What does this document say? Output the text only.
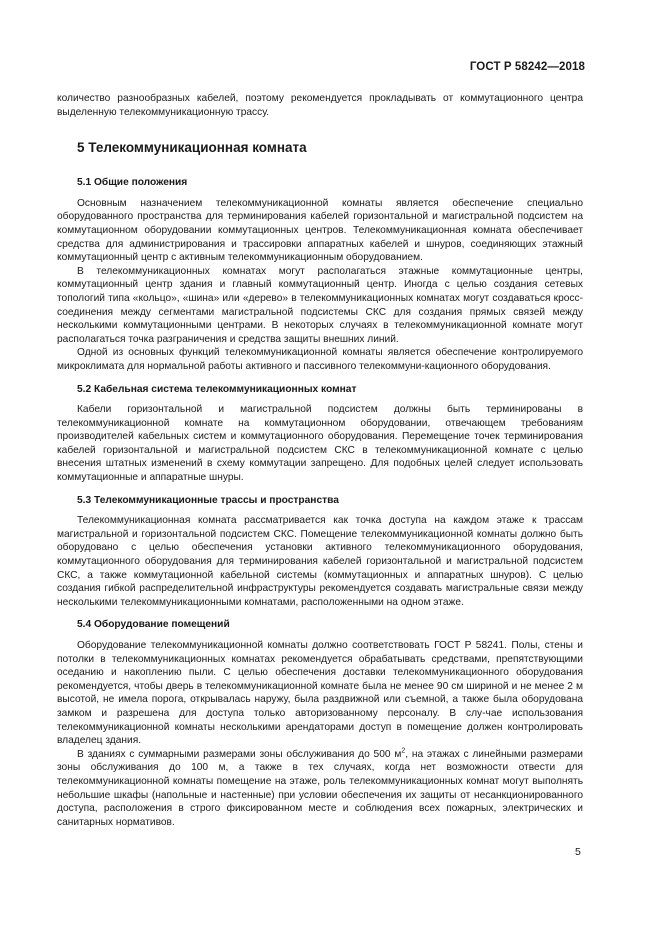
ГОСТ Р 58242—2018

количество разнообразных кабелей, поэтому рекомендуется прокладывать от коммутационного центра выделенную телекоммуникационную трассу.

5 Телекоммуникационная комната
5.1 Общие положения

Основным назначением телекоммуникационной комнаты является обеспечение специально оборудованного пространства для терминирования кабелей горизонтальной и магистральной подсистем на коммутационном оборудовании коммутационных центров. Телекоммуникационная комната обеспечивает средства для администрирования и трассировки аппаратных кабелей и шнуров, соединяющих этажный коммутационный центр с активным телекоммуникационным оборудованием.

В телекоммуникационных комнатах могут располагаться этажные коммутационные центры, коммутационный центр здания и главный коммутационный центр. Иногда с целью создания сетевых топологий типа «кольцо», «шина» или «дерево» в телекоммуникационных комнатах могут создаваться кросс-соединения между сегментами магистральной подсистемы СКС для создания прямых связей между несколькими коммутационными центрами. В некоторых случаях в телекоммуникационной комнате могут располагаться точка разграничения и средства защиты внешних линий.

Одной из основных функций телекоммуникационной комнаты является обеспечение контролируемого микроклимата для нормальной работы активного и пассивного телекоммуни-кационного оборудования.

5.2 Кабельная система телекоммуникационных комнат

Кабели горизонтальной и магистральной подсистем должны быть терминированы в телекоммуникационной комнате на коммутационном оборудовании, отвечающем требованиям производителей кабельных систем и коммутационного оборудования. Перемещение точек терминирования кабелей горизонтальной и магистральной подсистем СКС в телекоммуникационной комнате с целью внесения штатных изменений в схему коммутации запрещено. Для подобных целей следует использовать коммутационные и аппаратные шнуры.

5.3 Телекоммуникационные трассы и пространства

Телекоммуникационная комната рассматривается как точка доступа на каждом этаже к трассам магистральной и горизонтальной подсистем СКС. Помещение телекоммуникационной комнаты должно быть оборудовано с целью обеспечения установки активного телекоммуникационного оборудования, коммутационного оборудования для терминирования кабелей горизонтальной и магистральной подсистем СКС, а также коммутационной кабельной системы (коммутационных и аппаратных шнуров). С целью создания гибкой распределительной инфраструктуры рекомендуется создавать магистральные связи между несколькими телекоммуникационными комнатами, расположенными на одном этаже.

5.4 Оборудование помещений

Оборудование телекоммуникационной комнаты должно соответствовать ГОСТ Р 58241. Полы, стены и потолки в телекоммуникационных комнатах рекомендуется обрабатывать средствами, препятствующими оседанию и накоплению пыли. С целью обеспечения доставки телекоммуникационного оборудования рекомендуется, чтобы дверь в телекоммуникационной комнате была не менее 90 см шириной и не менее 2 м высотой, не имела порога, открывалась наружу, была раздвижной или съемной, а также была оборудована замком и разрешена для доступа только авторизованному персоналу. В слу-чае использования телекоммуникационной комнаты несколькими арендаторами доступ в помещение должен контролировать владелец здания.

В зданиях с суммарными размерами зоны обслуживания до 500 $м^2$, на этажах с линейными размерами зоны обслуживания до 100 м, а также в тех случаях, когда нет возможности отвести для телекоммуникационной комнаты помещение на этаже, роль телекоммуникационных комнат могут выполнять небольшие шкафы (напольные и настенные) при условии обеспечения их защиты от несанкционированного доступа, расположения в строго фиксированном месте и соблюдения всех пожарных, электрических и санитарных нормативов.

5
